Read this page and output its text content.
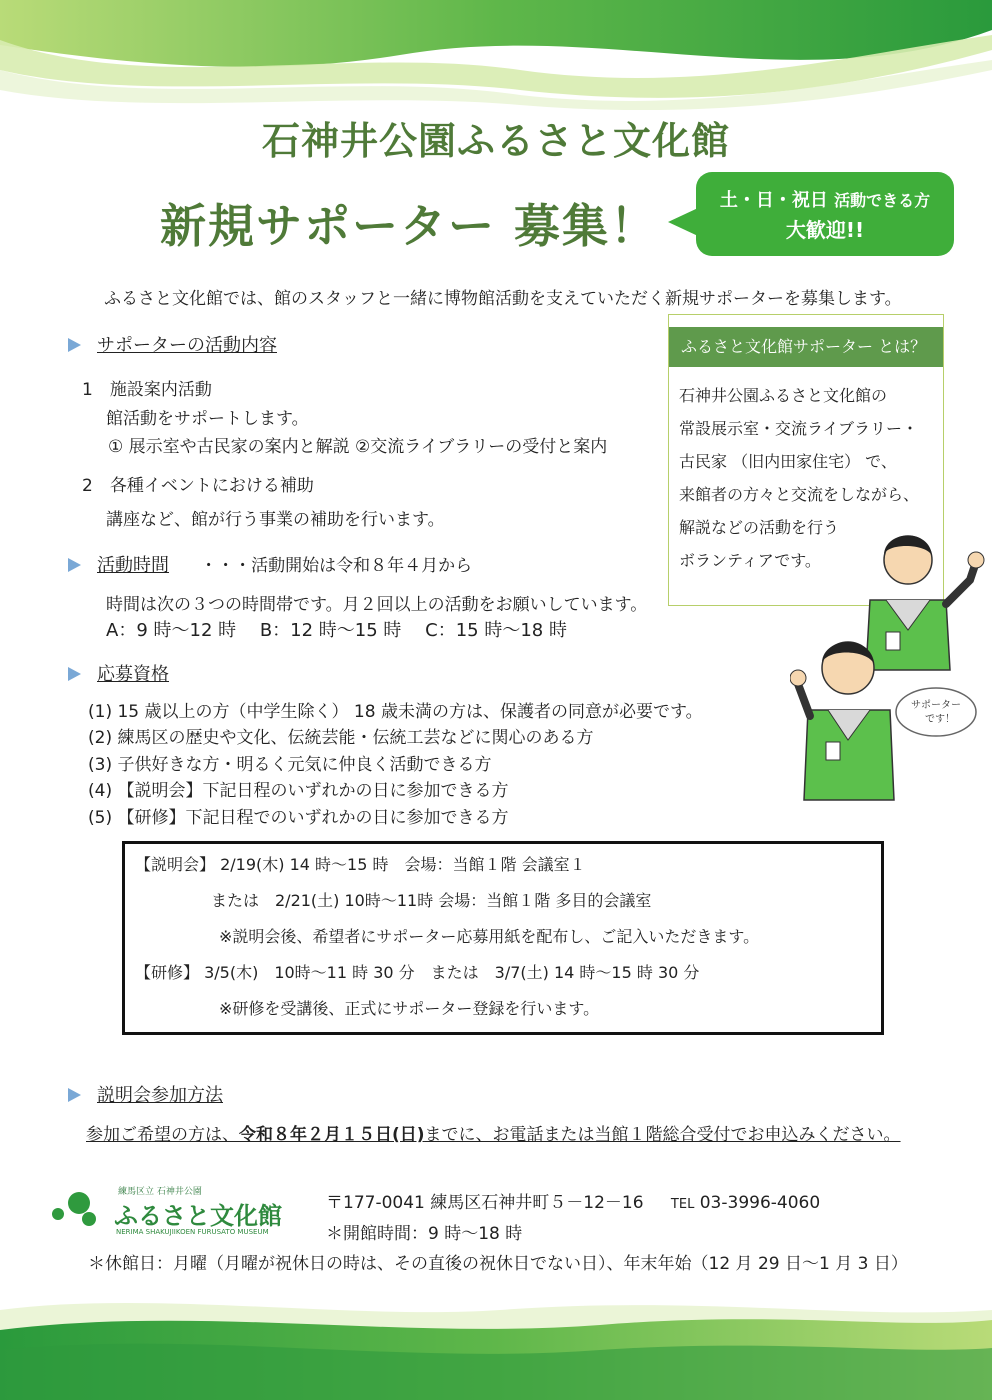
石神井公園ふるさと文化館
新規サポーター 募集！	土・日・祝日 活動できる方
大歓迎!!
ふるさと文化館では、館のスタッフと一緒に博物館活動を支えていただく新規サポーターを募集します。
サポーターの活動内容
1　施設案内活動
館活動をサポートします。
① 展示室や古民家の案内と解説 ②交流ライブラリーの受付と案内
2　各種イベントにおける補助
講座など、館が行う事業の補助を行います。
活動時間 ・・・活動開始は令和８年４月から
時間は次の３つの時間帯です。月２回以上の活動をお願いしています。
A：9 時～12 時　 B：12 時～15 時　 C：15 時～18 時
応募資格
(1) 15 歳以上の方（中学生除く） 18 歳未満の方は、保護者の同意が必要です。
(2) 練馬区の歴史や文化、伝統芸能・伝統工芸などに関心のある方
(3) 子供好きな方・明るく元気に仲良く活動できる方
(4) 【説明会】下記日程のいずれかの日に参加できる方
(5) 【研修】下記日程でのいずれかの日に参加できる方
ふるさと文化館サポーター とは？
石神井公園ふるさと文化館の
常設展示室・交流ライブラリー・
古民家 （旧内田家住宅） で、
来館者の方々と交流をしながら、
解説などの活動を行う
ボランティアです。
サポーター
です！
【説明会】 2/19(木) 14 時～15 時　会場：当館１階 会議室１
または　2/21(土) 10時～11時 会場：当館１階 多目的会議室
※説明会後、希望者にサポーター応募用紙を配布し、ご記入いただきます。
【研修】 3/5(木)　10時～11 時 30 分　または　3/7(土) 14 時～15 時 30 分
※研修を受講後、正式にサポーター登録を行います。
説明会参加方法
参加ご希望の方は、令和８年２月１５日(日)までに、お電話または当館１階総合受付でお申込みください。
練馬区立 石神井公園
ふるさと文化館
NERIMA SHAKUJIIKOEN FURUSATO MUSEUM
〒177-0041 練馬区石神井町５－12－16 TEL 03-3996-4060
＊開館時間：9 時～18 時
＊休館日：月曜（月曜が祝休日の時は、その直後の祝休日でない日）、年末年始（12 月 29 日～1 月 3 日）
